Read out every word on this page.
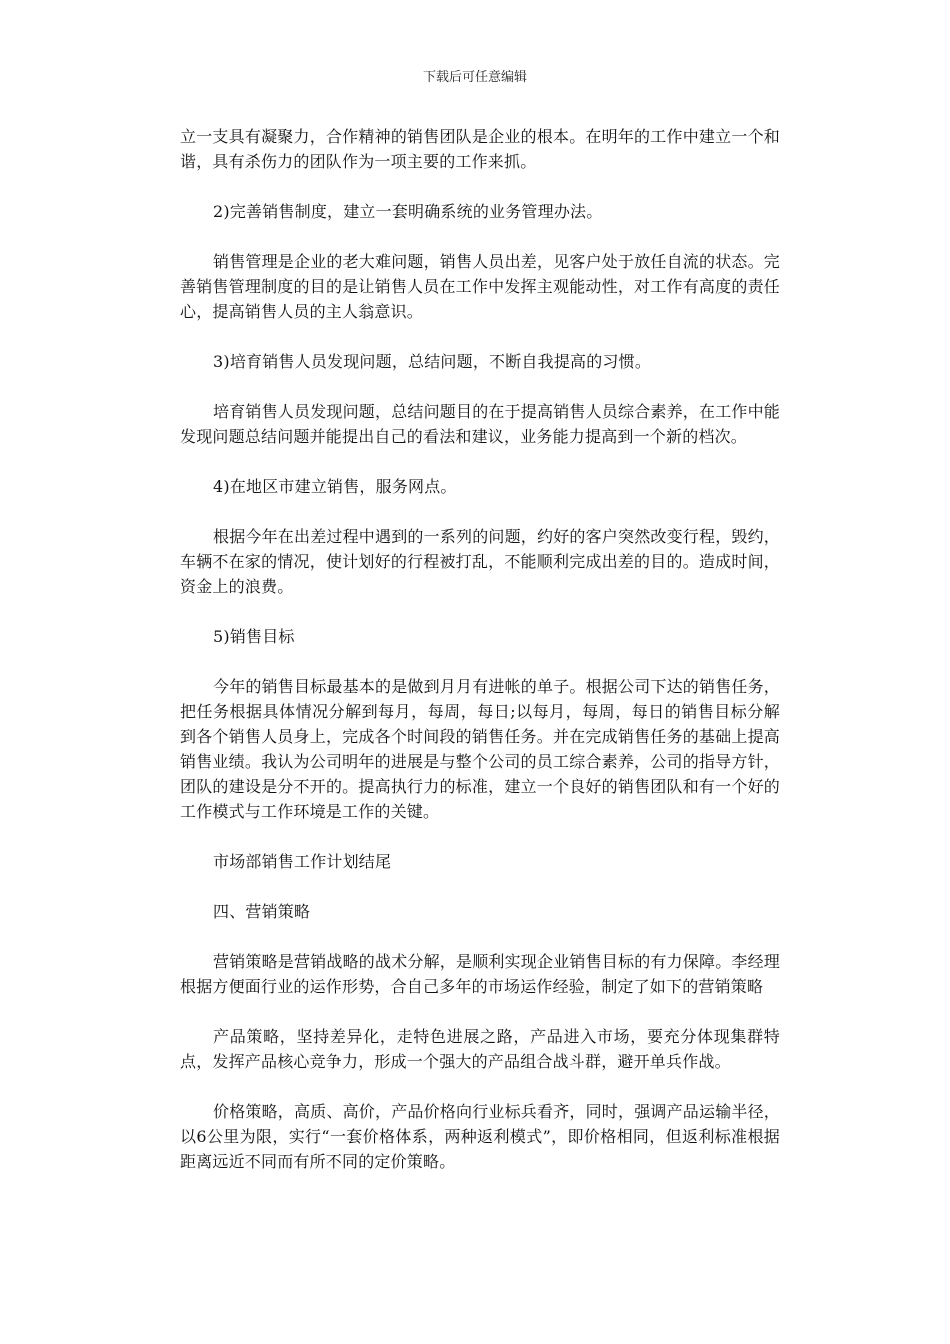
下载后可任意编辑

立一支具有凝聚力，合作精神的销售团队是企业的根本。在明年的工作中建立一个和谐，具有杀伤力的团队作为一项主要的工作来抓。

2)完善销售制度，建立一套明确系统的业务管理办法。

销售管理是企业的老大难问题，销售人员出差，见客户处于放任自流的状态。完善销售管理制度的目的是让销售人员在工作中发挥主观能动性，对工作有高度的责任心，提高销售人员的主人翁意识。

3)培育销售人员发现问题，总结问题，不断自我提高的习惯。

培育销售人员发现问题，总结问题目的在于提高销售人员综合素养，在工作中能发现问题总结问题并能提出自己的看法和建议，业务能力提高到一个新的档次。

4)在地区市建立销售，服务网点。

根据今年在出差过程中遇到的一系列的问题，约好的客户突然改变行程，毁约，车辆不在家的情况，使计划好的行程被打乱，不能顺利完成出差的目的。造成时间，资金上的浪费。

5)销售目标

今年的销售目标最基本的是做到月月有进帐的单子。根据公司下达的销售任务，把任务根据具体情况分解到每月，每周，每日;以每月，每周，每日的销售目标分解到各个销售人员身上，完成各个时间段的销售任务。并在完成销售任务的基础上提高销售业绩。我认为公司明年的进展是与整个公司的员工综合素养，公司的指导方针，团队的建设是分不开的。提高执行力的标准，建立一个良好的销售团队和有一个好的工作模式与工作环境是工作的关键。

市场部销售工作计划结尾

四、营销策略

营销策略是营销战略的战术分解，是顺利实现企业销售目标的有力保障。李经理根据方便面行业的运作形势，合自己多年的市场运作经验，制定了如下的营销策略

产品策略，坚持差异化，走特色进展之路，产品进入市场，要充分体现集群特点，发挥产品核心竞争力，形成一个强大的产品组合战斗群，避开单兵作战。

价格策略，高质、高价，产品价格向行业标兵看齐，同时，强调产品运输半径，以6公里为限，实行“一套价格体系，两种返利模式”，即价格相同，但返利标准根据距离远近不同而有所不同的定价策略。
